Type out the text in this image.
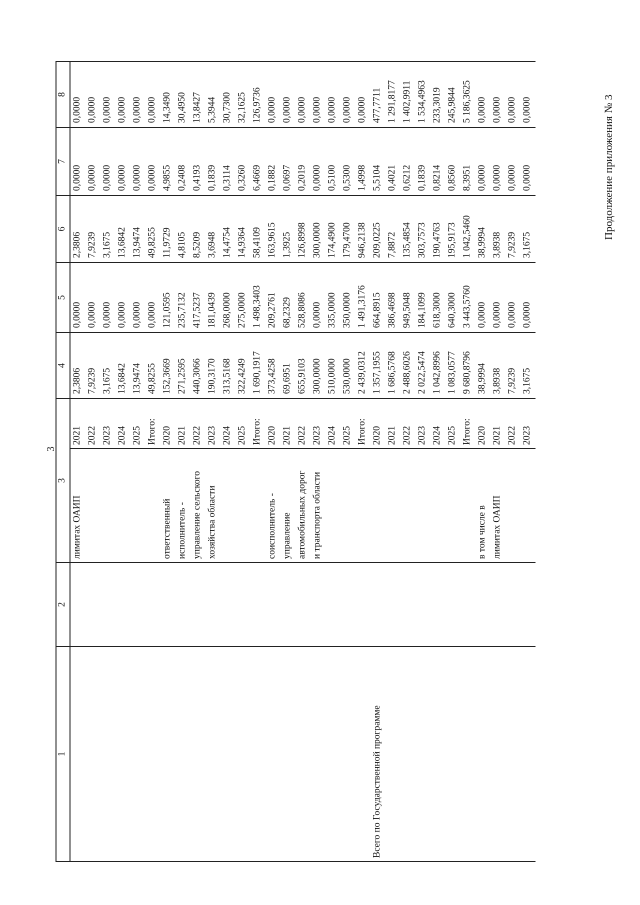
3
Продолжение приложения № 3
1	2	3		4	5	6	7	8
		лимитах ОАИП	2021	2,3806	0,0000	2,3806	0,0000	0,0000
			2022	7,9239	0,0000	7,9239	0,0000	0,0000
			2023	3,1675	0,0000	3,1675	0,0000	0,0000
			2024	13,6842	0,0000	13,6842	0,0000	0,0000
			2025	13,9474	0,0000	13,9474	0,0000	0,0000
			Итого:	49,8255	0,0000	49,8255	0,0000	0,0000
		ответственный	2020	152,3669	121,0595	11,9729	4,9855	14,3490
		исполнитель -	2021	271,2595	235,7132	4,8105	0,2408	30,4950
		управление сельского	2022	440,3066	417,5237	8,5209	0,4193	13,8427
		хозяйства области	2023	190,3170	181,0439	3,6948	0,1839	5,3944
			2024	313,5168	268,0000	14,4754	0,3114	30,7300
			2025	322,4249	275,0000	14,9364	0,3260	32,1625
			Итого:	1 690,1917	1 498,3403	58,4109	6,4669	126,9736
		соисполнитель -	2020	373,4258	209,2761	163,9615	0,1882	0,0000
		управление	2021	69,6951	68,2329	1,3925	0,0697	0,0000
		автомобильных дорог	2022	655,9103	528,8086	126,8998	0,2019	0,0000
		и транспорта области	2023	300,0000	0,0000	300,0000	0,0000	0,0000
			2024	510,0000	335,0000	174,4900	0,5100	0,0000
			2025	530,0000	350,0000	179,4700	0,5300	0,0000
			Итого:	2 439,0312	1 491,3176	946,2138	1,4998	0,0000
Всего по Государственной программе			2020	1 357,1955	664,8915	209,0225	5,5104	477,7711
			2021	1 686,5768	386,4698	7,8872	0,4021	1 291,8177
			2022	2 488,6026	949,5048	135,4854	0,6212	1 402,9911
			2023	2 022,5474	184,1099	303,7573	0,1839	1 534,4963
			2024	1 042,8996	618,3000	190,4763	0,8214	233,3019
			2025	1 083,0577	640,3000	195,9173	0,8560	245,9844
			Итого:	9 680,8796	3 443,5760	1 042,5460	8,3951	5 186,3625
		в том числе в	2020	38,9994	0,0000	38,9994	0,0000	0,0000
		лимитах ОАИП	2021	3,8938	0,0000	3,8938	0,0000	0,0000
			2022	7,9239	0,0000	7,9239	0,0000	0,0000
			2023	3,1675	0,0000	3,1675	0,0000	0,0000
